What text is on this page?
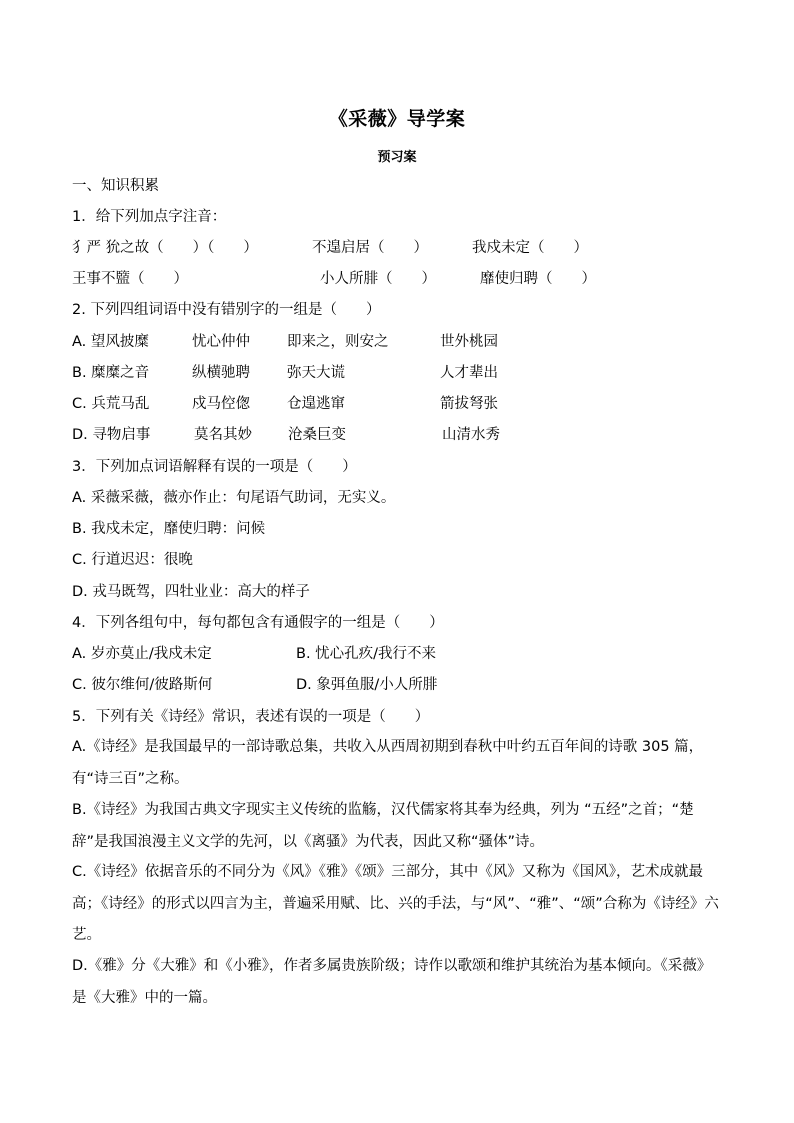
《采薇》导学案
预习案
一、知识积累
1．给下列加点字注音：
犭严 狁之故（　　）（　　）	不遑启居（　　）	我戍未定（　　）
王事不盬（　　）	小人所腓（　　）	靡使归聘（　　）
2. 下列四组词语中没有错别字的一组是（　　）
A. 望风披糜	忧心仲仲	即来之，则安之	世外桃园
B. 糜糜之音	纵横驰聘	弥天大谎	人才辈出
C. 兵荒马乱	戍马倥偬	仓遑逃窜	箭拔弩张
D. 寻物启事	莫名其妙 沧桑巨变	山清水秀
3．下列加点词语解释有误的一项是（　　）
A. 采薇采薇，薇亦作止：句尾语气助词，无实义。
B. 我戍未定，靡使归聘：问候
C. 行道迟迟：很晚
D. 戎马既驾，四牡业业：高大的样子
4．下列各组句中，每句都包含有通假字的一组是（　　）
A. 岁亦莫止/我戍未定	B. 忧心孔疚/我行不来
C. 彼尔维何/彼路斯何	D. 象弭鱼服/小人所腓
5．下列有关《诗经》常识，表述有误的一项是（　　）
A.《诗经》是我国最早的一部诗歌总集，共收入从西周初期到春秋中叶约五百年间的诗歌 305 篇，有“诗三百”之称。
B.《诗经》为我国古典文字现实主义传统的监觞，汉代儒家将其奉为经典，列为 “五经”之首；“楚辞”是我国浪漫主义文学的先河，以《离骚》为代表，因此又称“骚体”诗。
C.《诗经》依据音乐的不同分为《风》《雅》《颂》三部分，其中《风》又称为《国风》，艺术成就最高；《诗经》的形式以四言为主，普遍采用赋、比、兴的手法，与“风”、“雅”、“颂”合称为《诗经》六艺。
D.《雅》分《大雅》和《小雅》，作者多属贵族阶级；诗作以歌颂和维护其统治为基本倾向。《采薇》是《大雅》中的一篇。
